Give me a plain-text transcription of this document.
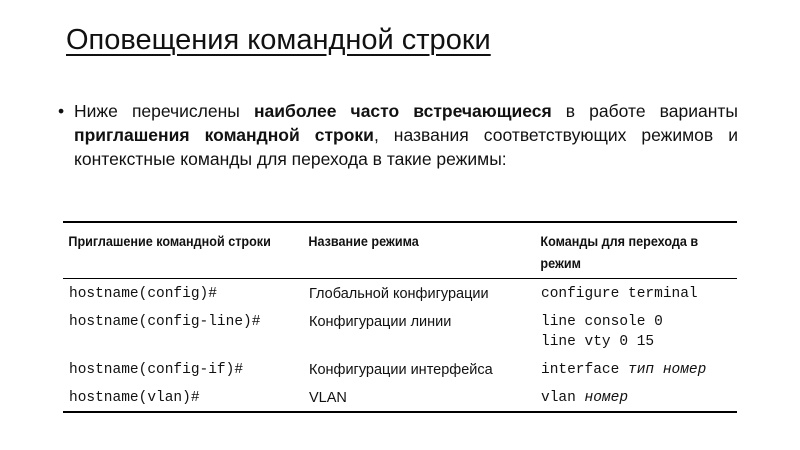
Оповещения командной строки
• Ниже перечислены наиболее часто встречающиеся в работе варианты приглашения командной строки, названия соответствующих режимов и контекстные команды для перехода в такие режимы:
Приглашение командной строки	Название режима	Команды для перехода в режим
hostname(config)#	Глобальной конфигурации	configure terminal

hostname(config-line)#	Конфигурации линии	line console 0
line vty 0 15

hostname(config-if)#	Конфигурации интерфейса	interface тип номер

hostname(vlan)#	VLAN	vlan номер
